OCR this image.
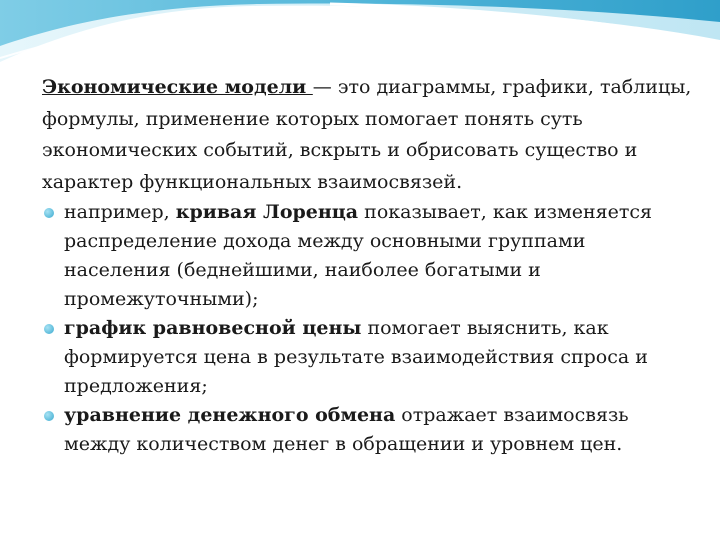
Экономические модели — это диаграммы, графики, таблицы, формулы, применение которых помогает понять суть экономических событий, вскрыть и обрисовать существо и характер функциональных взаимосвязей.

например, кривая Лоренца показывает, как изменяется распределение дохода между основными группами населения (беднейшими, наиболее богатыми и промежуточными);
график равновесной цены помогает выяснить, как формируется цена в результате взаимодействия спроса и предложения;
уравнение денежного обмена отражает взаимосвязь между количеством денег в обращении и уровнем цен.
